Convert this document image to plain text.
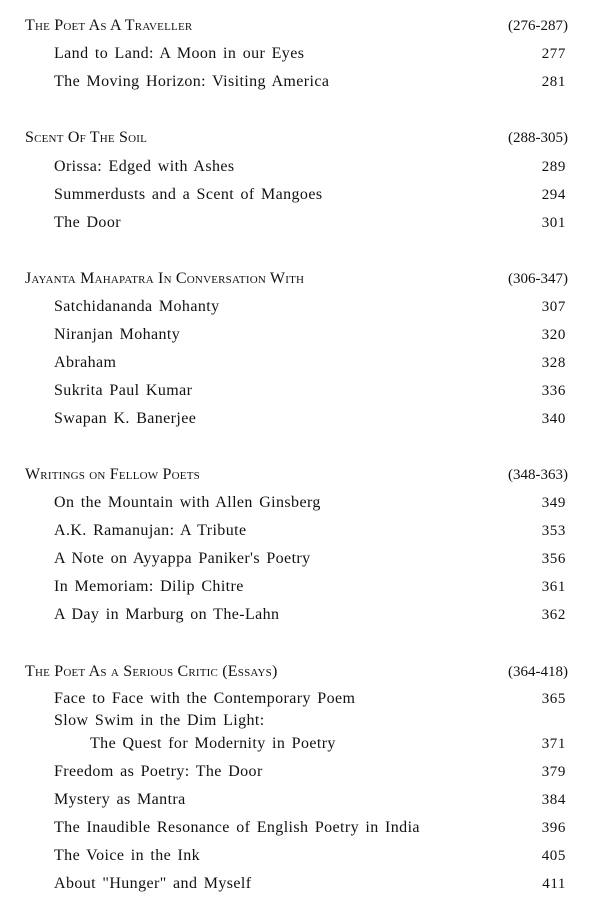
The Poet As A Traveller	(276-287)
Land to Land: A Moon in our Eyes	277
The Moving Horizon: Visiting America	281
Scent Of The Soil	(288-305)
Orissa: Edged with Ashes	289
Summerdusts and a Scent of Mangoes	294
The Door	301
Jayanta Mahapatra In Conversation With	(306-347)
Satchidananda Mohanty	307
Niranjan Mohanty	320
Abraham	328
Sukrita Paul Kumar	336
Swapan K. Banerjee	340
Writings on Fellow Poets	(348-363)
On the Mountain with Allen Ginsberg	349
A.K. Ramanujan: A Tribute	353
A Note on Ayyappa Paniker's Poetry	356
In Memoriam: Dilip Chitre	361
A Day in Marburg on The-Lahn	362
The Poet As a Serious Critic (Essays)	(364-418)
Face to Face with the Contemporary Poem	365
Slow Swim in the Dim Light:
The Quest for Modernity in Poetry	371
Freedom as Poetry: The Door	379
Mystery as Mantra	384
The Inaudible Resonance of English Poetry in India	396
The Voice in the Ink	405
About "Hunger" and Myself	411
